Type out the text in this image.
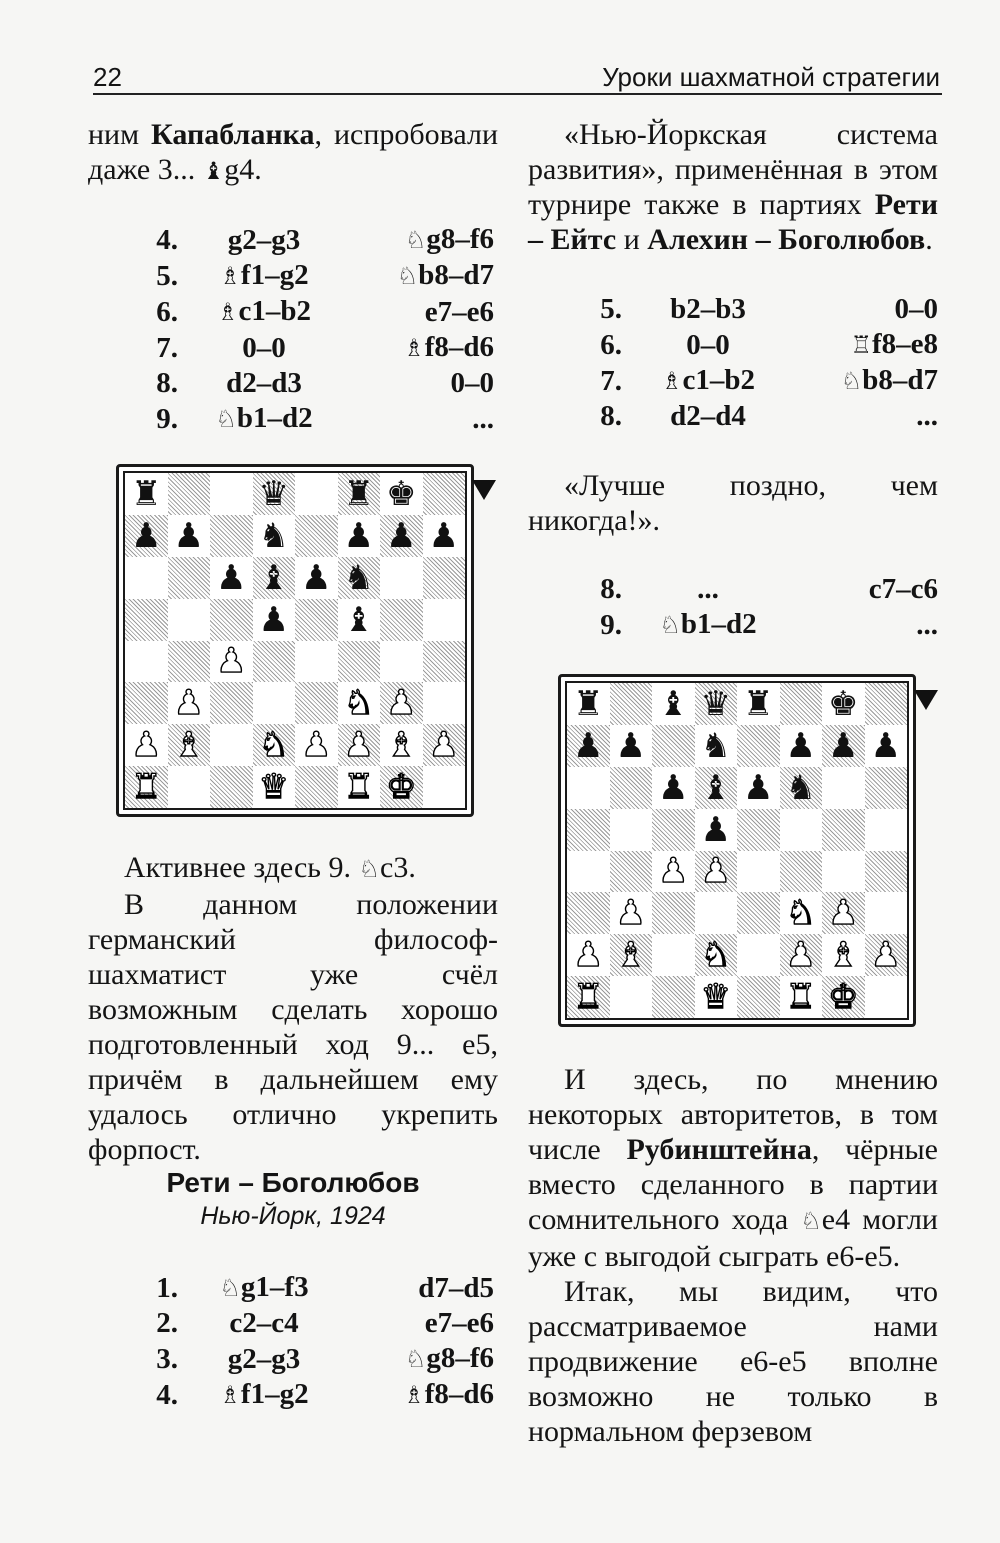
22	Уроки шахматной стратегии

ним Капабланка, испробовали даже 3... ♝g4.

4.	g2–g3	♘g8–f6
5.	♗f1–g2	♘b8–d7
6.	♗c1–b2	e7–e6
7.	0–0	♗f8–d6
8.	d2–d3	0–0
9.	♘b1–d2	...
♜	♛ ♜ ♚
♟ ♟ ♞ ♟ ♟ ♟
♟ ♝ ♟ ♞
♟ ♝
♟
♟	♞ ♟
♟ ♝ ♞ ♟ ♟ ♝ ♟
♜	♛ ♜ ♚

Активнее здесь 9. ♘c3.

В данном положении германский философ-шахматист уже счёл возможным сделать хорошо подготовленный ход 9... e5, причём в дальнейшем ему удалось отлично укрепить форпост.

Рети – Боголюбов
Нью-Йорк, 1924
1.	♘g1–f3	d7–d5
2.	c2–c4	e7–e6
3.	g2–g3	♘g8–f6
4.	♗f1–g2	♗f8–d6

«Нью-Йоркская система развития», применённая в этом турнире также в партиях Рети – Ейтс и Алехин – Боголюбов.

5.	b2–b3	0–0
6.	0–0	♖f8–e8
7.	♗c1–b2	♘b8–d7
8.	d2–d4	...

«Лучше поздно, чем никогда!».

8.	...	c7–c6
9.	♘b1–d2	...
♜ ♝ ♛ ♜ ♚
♟ ♟ ♞ ♟ ♟ ♟
♟ ♝ ♟ ♞
♟
♟ ♟
♟	♞ ♟
♟ ♝ ♞ ♟ ♝ ♟
♜	♛ ♜ ♚

И здесь, по мнению некоторых авторитетов, в том числе Рубинштейна, чёрные вместо сделанного в партии сомнительного хода ♘e4 могли уже с выгодой сыграть e6-e5.

Итак, мы видим, что рассматриваемое нами продвижение e6-e5 вполне возможно не только в нормальном ферзевом
